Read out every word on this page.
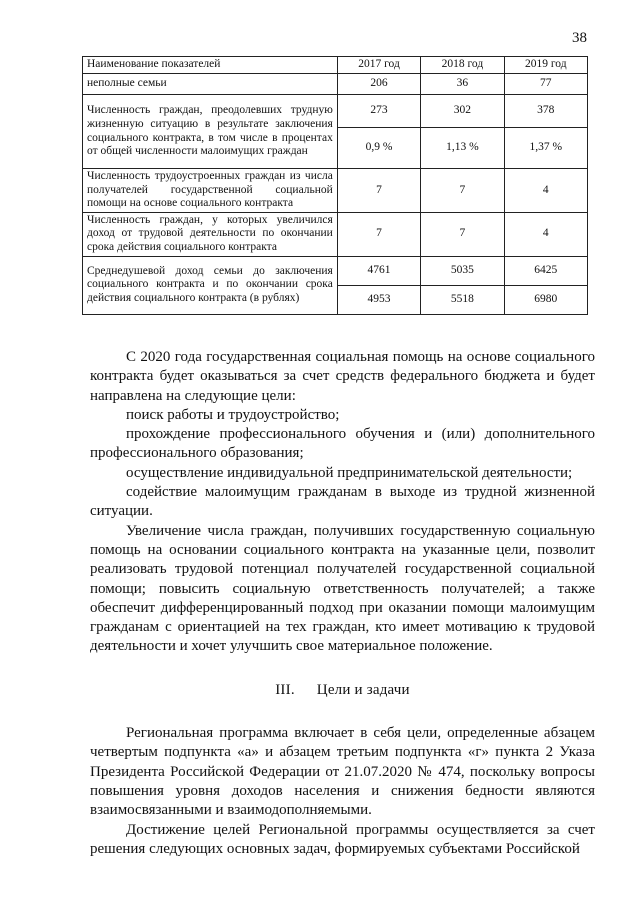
38
Наименование показателей	2017 год	2018 год	2019 год
неполные семьи	206	36	77
Численность граждан, преодолевших трудную жизненную ситуацию в результате заключения социального контракта, в том числе в процентах от общей численности малоимущих граждан	273	302	378
	0,9 %	1,13 %	1,37 %
Численность трудоустроенных граждан из числа получателей государственной социальной помощи на основе социального контракта	7	7	4
Численность граждан, у которых увеличился доход от трудовой деятельности по окончании срока действия социального контракта	7	7	4
Среднедушевой доход семьи до заключения социального контракта и по окончании срока действия социального контракта (в рублях)	4761	5035	6425
	4953	5518	6980

С 2020 года государственная социальная помощь на основе социального контракта будет оказываться за счет средств федерального бюджета и будет направлена на следующие цели:

поиск работы и трудоустройство;

прохождение профессионального обучения и (или) дополнительного профессионального образования;

осуществление индивидуальной предпринимательской деятельности;

содействие малоимущим гражданам в выходе из трудной жизненной ситуации.

Увеличение числа граждан, получивших государственную социальную помощь на основании социального контракта на указанные цели, позволит реализовать трудовой потенциал получателей государственной социальной помощи; повысить социальную ответственность получателей; а также обеспечит дифференцированный подход при оказании помощи малоимущим гражданам с ориентацией на тех граждан, кто имеет мотивацию к трудовой деятельности и хочет улучшить свое материальное положение.

III. Цели и задачи

Региональная программа включает в себя цели, определенные абзацем четвертым подпункта «а» и абзацем третьим подпункта «г» пункта 2 Указа Президента Российской Федерации от 21.07.2020 № 474, поскольку вопросы повышения уровня доходов населения и снижения бедности являются взаимосвязанными и взаимодополняемыми.

Достижение целей Региональной программы осуществляется за счет решения следующих основных задач, формируемых субъектами Российской
